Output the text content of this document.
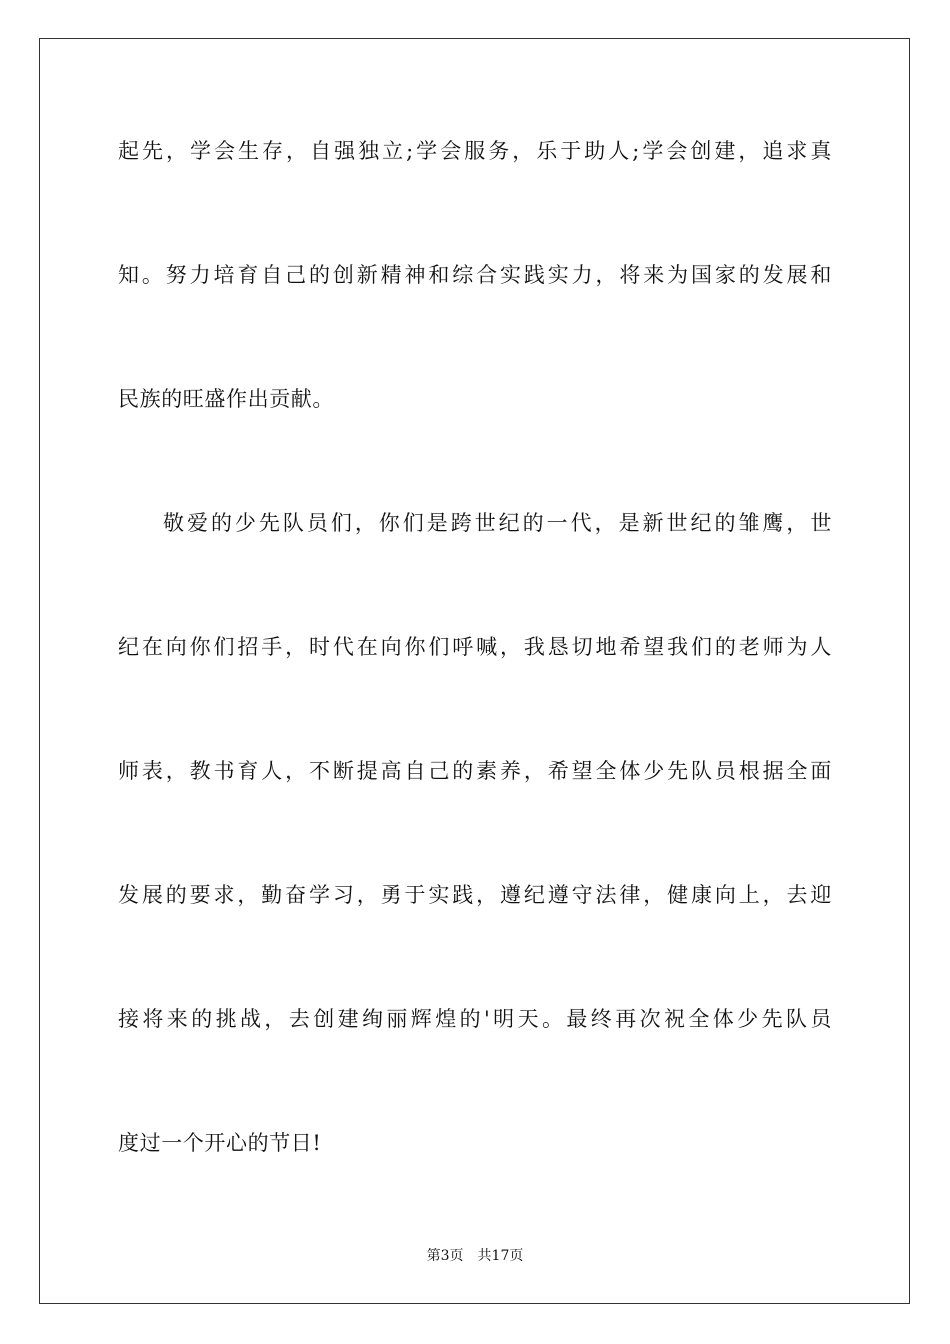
起先，学会生存，自强独立;学会服务，乐于助人;学会创建，追求真
知。努力培育自己的创新精神和综合实践实力，将来为国家的发展和
民族的旺盛作出贡献。
敬爱的少先队员们，你们是跨世纪的一代，是新世纪的雏鹰，世
纪在向你们招手，时代在向你们呼喊，我恳切地希望我们的老师为人
师表，教书育人，不断提高自己的素养，希望全体少先队员根据全面
发展的要求，勤奋学习，勇于实践，遵纪遵守法律，健康向上，去迎
接将来的挑战，去创建绚丽辉煌的'明天。最终再次祝全体少先队员
度过一个开心的节日!
第3页 共17页
